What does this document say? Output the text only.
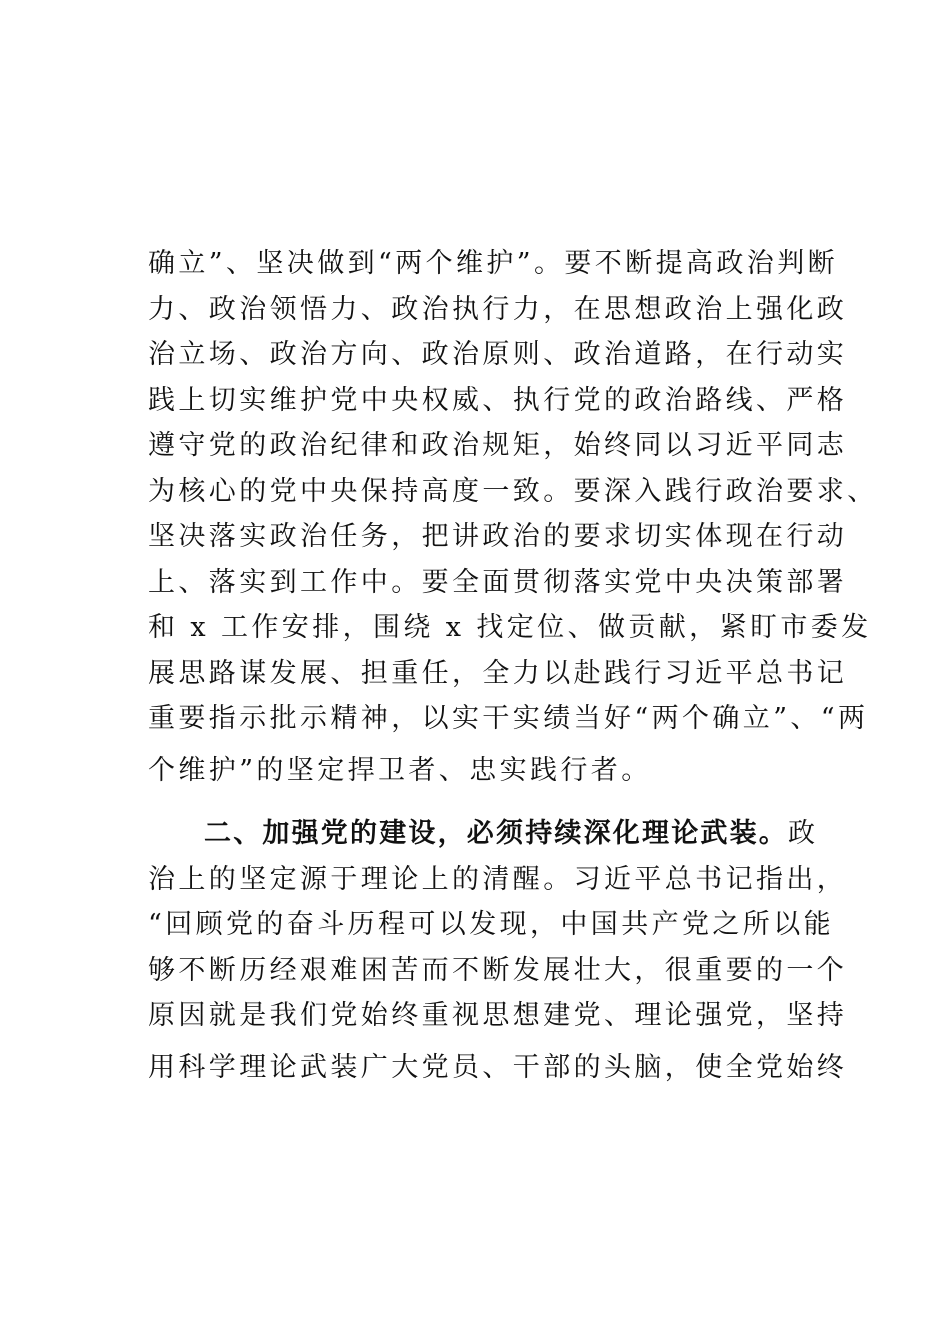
确立”、坚决做到“两个维护”。要不断提高政治判断
力、政治领悟力、政治执行力，在思想政治上强化政
治立场、政治方向、政治原则、政治道路，在行动实
践上切实维护党中央权威、执行党的政治路线、严格
遵守党的政治纪律和政治规矩，始终同以习近平同志
为核心的党中央保持高度一致。要深入践行政治要求、
坚决落实政治任务，把讲政治的要求切实体现在行动
上、落实到工作中。要全面贯彻落实党中央决策部署
和 x 工作安排，围绕 x 找定位、做贡献，紧盯市委发
展思路谋发展、担重任，全力以赴践行习近平总书记
重要指示批示精神，以实干实绩当好“两个确立”、“两
个维护”的坚定捍卫者、忠实践行者。
二、加强党的建设，必须持续深化理论武装。政
治上的坚定源于理论上的清醒。习近平总书记指出，
“回顾党的奋斗历程可以发现，中国共产党之所以能
够不断历经艰难困苦而不断发展壮大，很重要的一个
原因就是我们党始终重视思想建党、理论强党，坚持
用科学理论武装广大党员、干部的头脑，使全党始终
